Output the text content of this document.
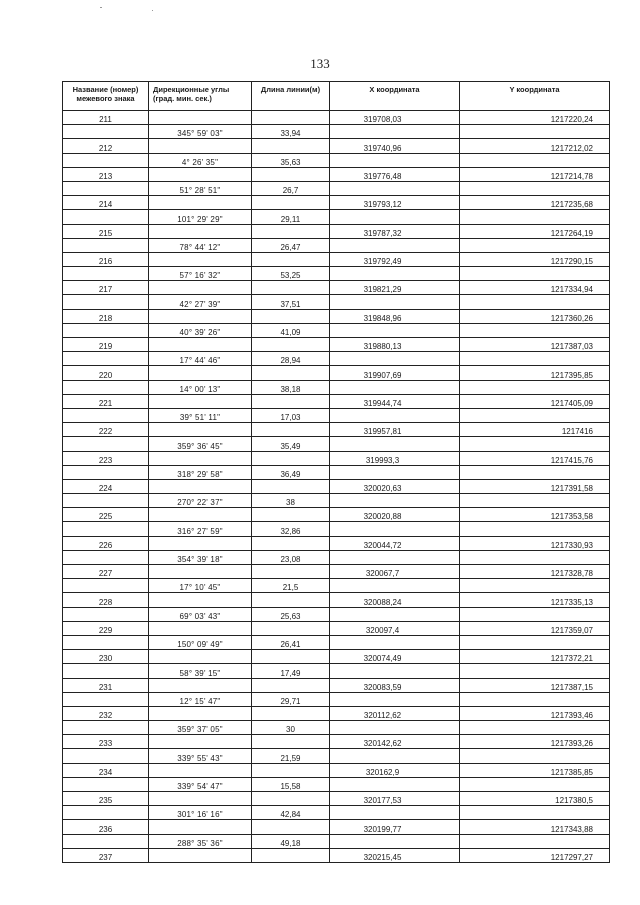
133
Название (номер) межевого знака	Дирекционные углы (град. мин. сек.)	Длина линии(м)	X координата	Y координата
211			319708,03	1217220,24
	345° 59' 03"	33,94		
212			319740,96	1217212,02
	4° 26' 35"	35,63		
213			319776,48	1217214,78
	51° 28' 51"	26,7		
214			319793,12	1217235,68
	101° 29' 29"	29,11		
215			319787,32	1217264,19
	78° 44' 12"	26,47		
216			319792,49	1217290,15
	57° 16' 32"	53,25		
217			319821,29	1217334,94
	42° 27' 39"	37,51		
218			319848,96	1217360,26
	40° 39' 26"	41,09		
219			319880,13	1217387,03
	17° 44' 46"	28,94		
220			319907,69	1217395,85
	14° 00' 13"	38,18		
221			319944,74	1217405,09
	39° 51' 11"	17,03		
222			319957,81	1217416
	359° 36' 45"	35,49		
223			319993,3	1217415,76
	318° 29' 58"	36,49		
224			320020,63	1217391,58
	270° 22' 37"	38		
225			320020,88	1217353,58
	316° 27' 59"	32,86		
226			320044,72	1217330,93
	354° 39' 18"	23,08		
227			320067,7	1217328,78
	17° 10' 45"	21,5		
228			320088,24	1217335,13
	69° 03' 43"	25,63		
229			320097,4	1217359,07
	150° 09' 49"	26,41		
230			320074,49	1217372,21
	58° 39' 15"	17,49		
231			320083,59	1217387,15
	12° 15' 47"	29,71		
232			320112,62	1217393,46
	359° 37' 05"	30		
233			320142,62	1217393,26
	339° 55' 43"	21,59		
234			320162,9	1217385,85
	339° 54' 47"	15,58		
235			320177,53	1217380,5
	301° 16' 16"	42,84		
236			320199,77	1217343,88
	288° 35' 36"	49,18		
237			320215,45	1217297,27
